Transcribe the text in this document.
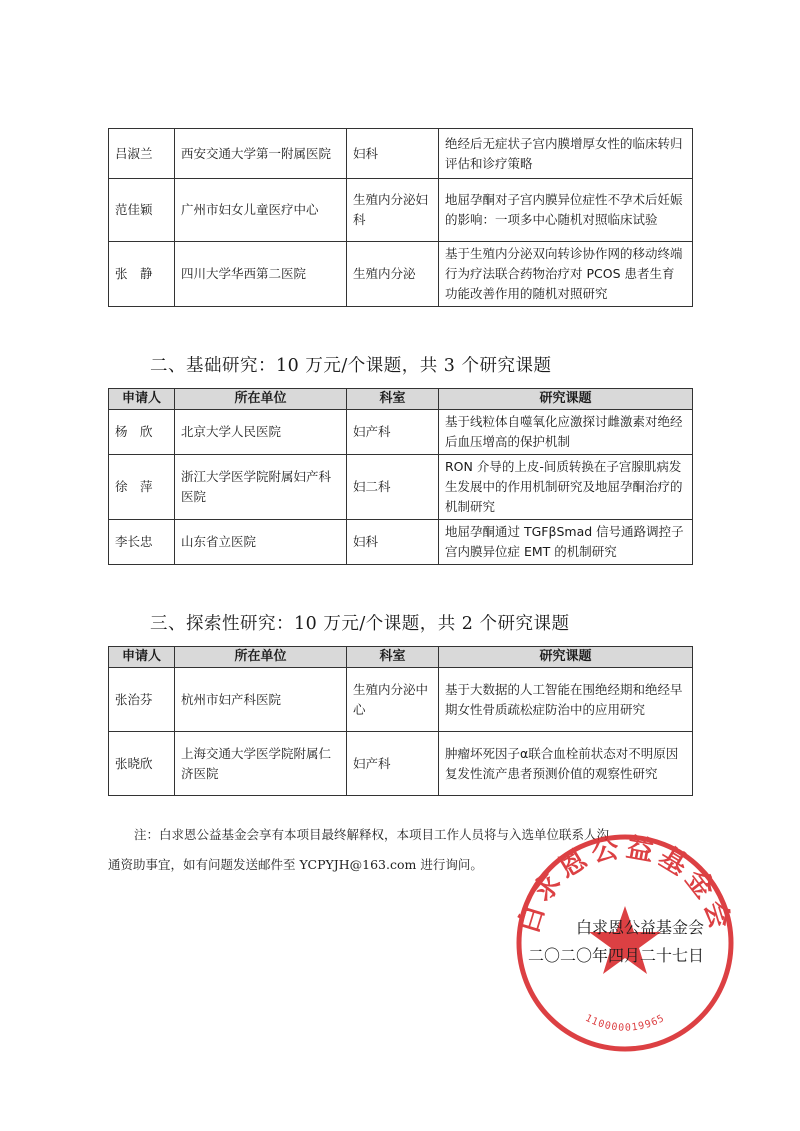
吕淑兰	西安交通大学第一附属医院	妇科	绝经后无症状子宫内膜增厚女性的临床转归评估和诊疗策略
范佳颖	广州市妇女儿童医疗中心	生殖内分泌妇科	地屈孕酮对子宫内膜异位症性不孕术后妊娠的影响：一项多中心随机对照临床试验
张　静	四川大学华西第二医院	生殖内分泌	基于生殖内分泌双向转诊协作网的移动终端行为疗法联合药物治疗对 PCOS 患者生育功能改善作用的随机对照研究
二、基础研究：10 万元/个课题，共 3 个研究课题
申请人	所在单位	科室	研究课题
杨　欣	北京大学人民医院	妇产科	基于线粒体自噬氧化应激探讨雌激素对绝经后血压增高的保护机制
徐　萍	浙江大学医学院附属妇产科医院	妇二科	RON 介导的上皮-间质转换在子宫腺肌病发生发展中的作用机制研究及地屈孕酮治疗的机制研究
李长忠	山东省立医院	妇科	地屈孕酮通过 TGFβSmad 信号通路调控子宫内膜异位症 EMT 的机制研究
三、探索性研究：10 万元/个课题，共 2 个研究课题
申请人	所在单位	科室	研究课题
张治芬	杭州市妇产科医院	生殖内分泌中心	基于大数据的人工智能在围绝经期和绝经早期女性骨质疏松症防治中的应用研究
张晓欣	上海交通大学医学院附属仁济医院	妇产科	肿瘤坏死因子α联合血栓前状态对不明原因复发性流产患者预测价值的观察性研究
注：白求恩公益基金会享有本项目最终解释权，本项目工作人员将与入选单位联系人沟
通资助事宜，如有问题发送邮件至 YCPYJH@163.com 进行询问。
白求恩公益基金会
110000019965
白求恩公益基金会
二〇二〇年四月二十七日
